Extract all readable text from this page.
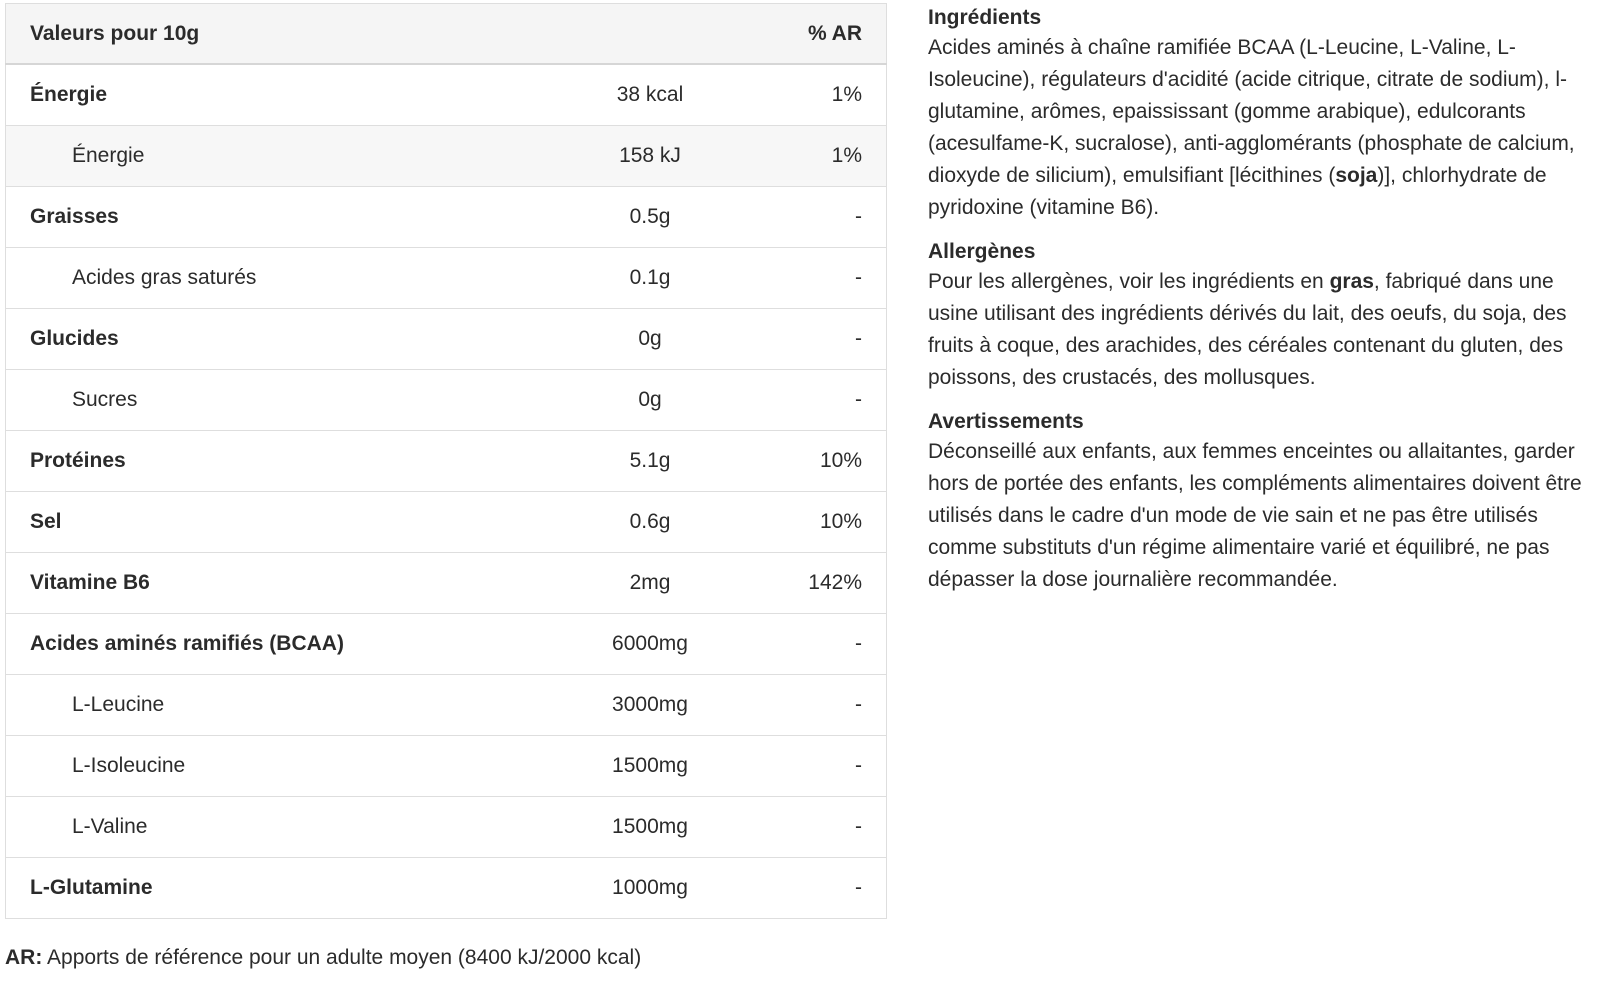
Valeurs pour 10g		% AR
Énergie	38 kcal	1%
Énergie	158 kJ	1%
Graisses	0.5g	-
Acides gras saturés	0.1g	-
Glucides	0g	-
Sucres	0g	-
Protéines	5.1g	10%
Sel	0.6g	10%
Vitamine B6	2mg	142%
Acides aminés ramifiés (BCAA)	6000mg	-
L-Leucine	3000mg	-
L-Isoleucine	1500mg	-
L-Valine	1500mg	-
L-Glutamine	1000mg	-
AR: Apports de référence pour un adulte moyen (8400 kJ/2000 kcal)
Ingrédients

Acides aminés à chaîne ramifiée BCAA (L-Leucine, L-Valine, L-Isoleucine), régulateurs d'acidité (acide citrique, citrate de sodium), l-glutamine, arômes, epaississant (gomme arabique), edulcorants (acesulfame-K, sucralose), anti-agglomérants (phosphate de calcium, dioxyde de silicium), emulsifiant [lécithines (soja)], chlorhydrate de pyridoxine (vitamine B6).

Allergènes

Pour les allergènes, voir les ingrédients en gras, fabriqué dans une usine utilisant des ingrédients dérivés du lait, des oeufs, du soja, des fruits à coque, des arachides, des céréales contenant du gluten, des poissons, des crustacés, des mollusques.

Avertissements

Déconseillé aux enfants, aux femmes enceintes ou allaitantes, garder hors de portée des enfants, les compléments alimentaires doivent être utilisés dans le cadre d'un mode de vie sain et ne pas être utilisés comme substituts d'un régime alimentaire varié et équilibré, ne pas dépasser la dose journalière recommandée.
